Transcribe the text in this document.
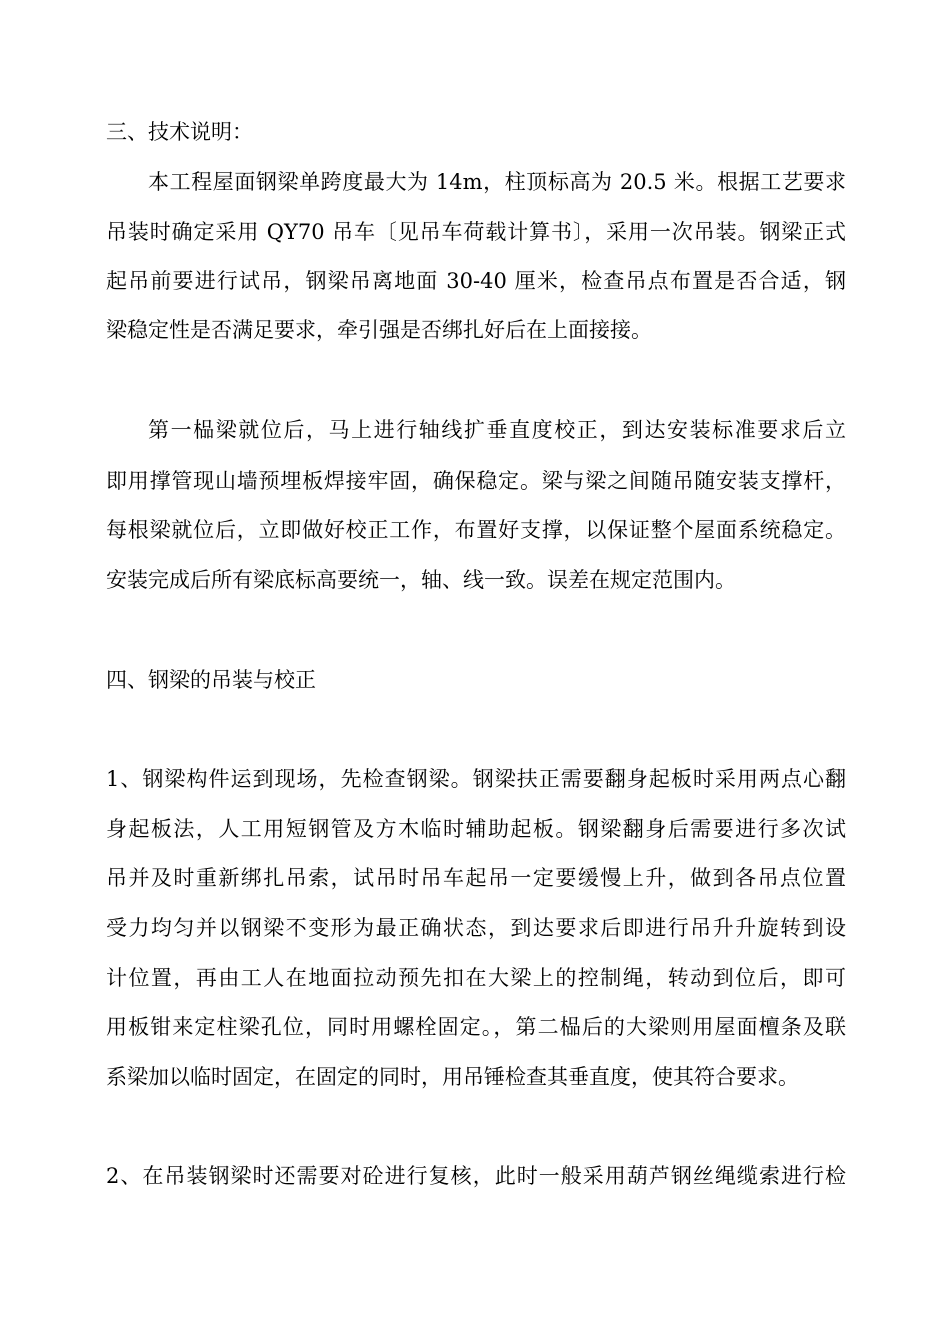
三、技术说明：
本工程屋面钢梁单跨度最大为 14m，柱顶标高为 20.5 米。根据工艺要求
吊装时确定采用 QY70 吊车〔见吊车荷载计算书〕，采用一次吊装。钢梁正式
起吊前要进行试吊，钢梁吊离地面 30-40 厘米，检查吊点布置是否合适，钢
梁稳定性是否满足要求，牵引强是否绑扎好后在上面接接。
第一榀梁就位后，马上进行轴线扩垂直度校正，到达安装标准要求后立
即用撑管现山墙预埋板焊接牢固，确保稳定。梁与梁之间随吊随安装支撑杆，
每根梁就位后，立即做好校正工作，布置好支撑，以保证整个屋面系统稳定。
安装完成后所有梁底标高要统一，轴、线一致。误差在规定范围内。
四、钢梁的吊装与校正
1、钢梁构件运到现场，先检查钢梁。钢梁扶正需要翻身起板时采用两点心翻
身起板法，人工用短钢管及方木临时辅助起板。钢梁翻身后需要进行多次试
吊并及时重新绑扎吊索，试吊时吊车起吊一定要缓慢上升，做到各吊点位置
受力均匀并以钢梁不变形为最正确状态，到达要求后即进行吊升升旋转到设
计位置，再由工人在地面拉动预先扣在大梁上的控制绳，转动到位后，即可
用板钳来定柱梁孔位，同时用螺栓固定。，第二榀后的大梁则用屋面檀条及联
系梁加以临时固定，在固定的同时，用吊锤检查其垂直度，使其符合要求。
2、在吊装钢梁时还需要对砼进行复核，此时一般采用葫芦钢丝绳缆索进行检
